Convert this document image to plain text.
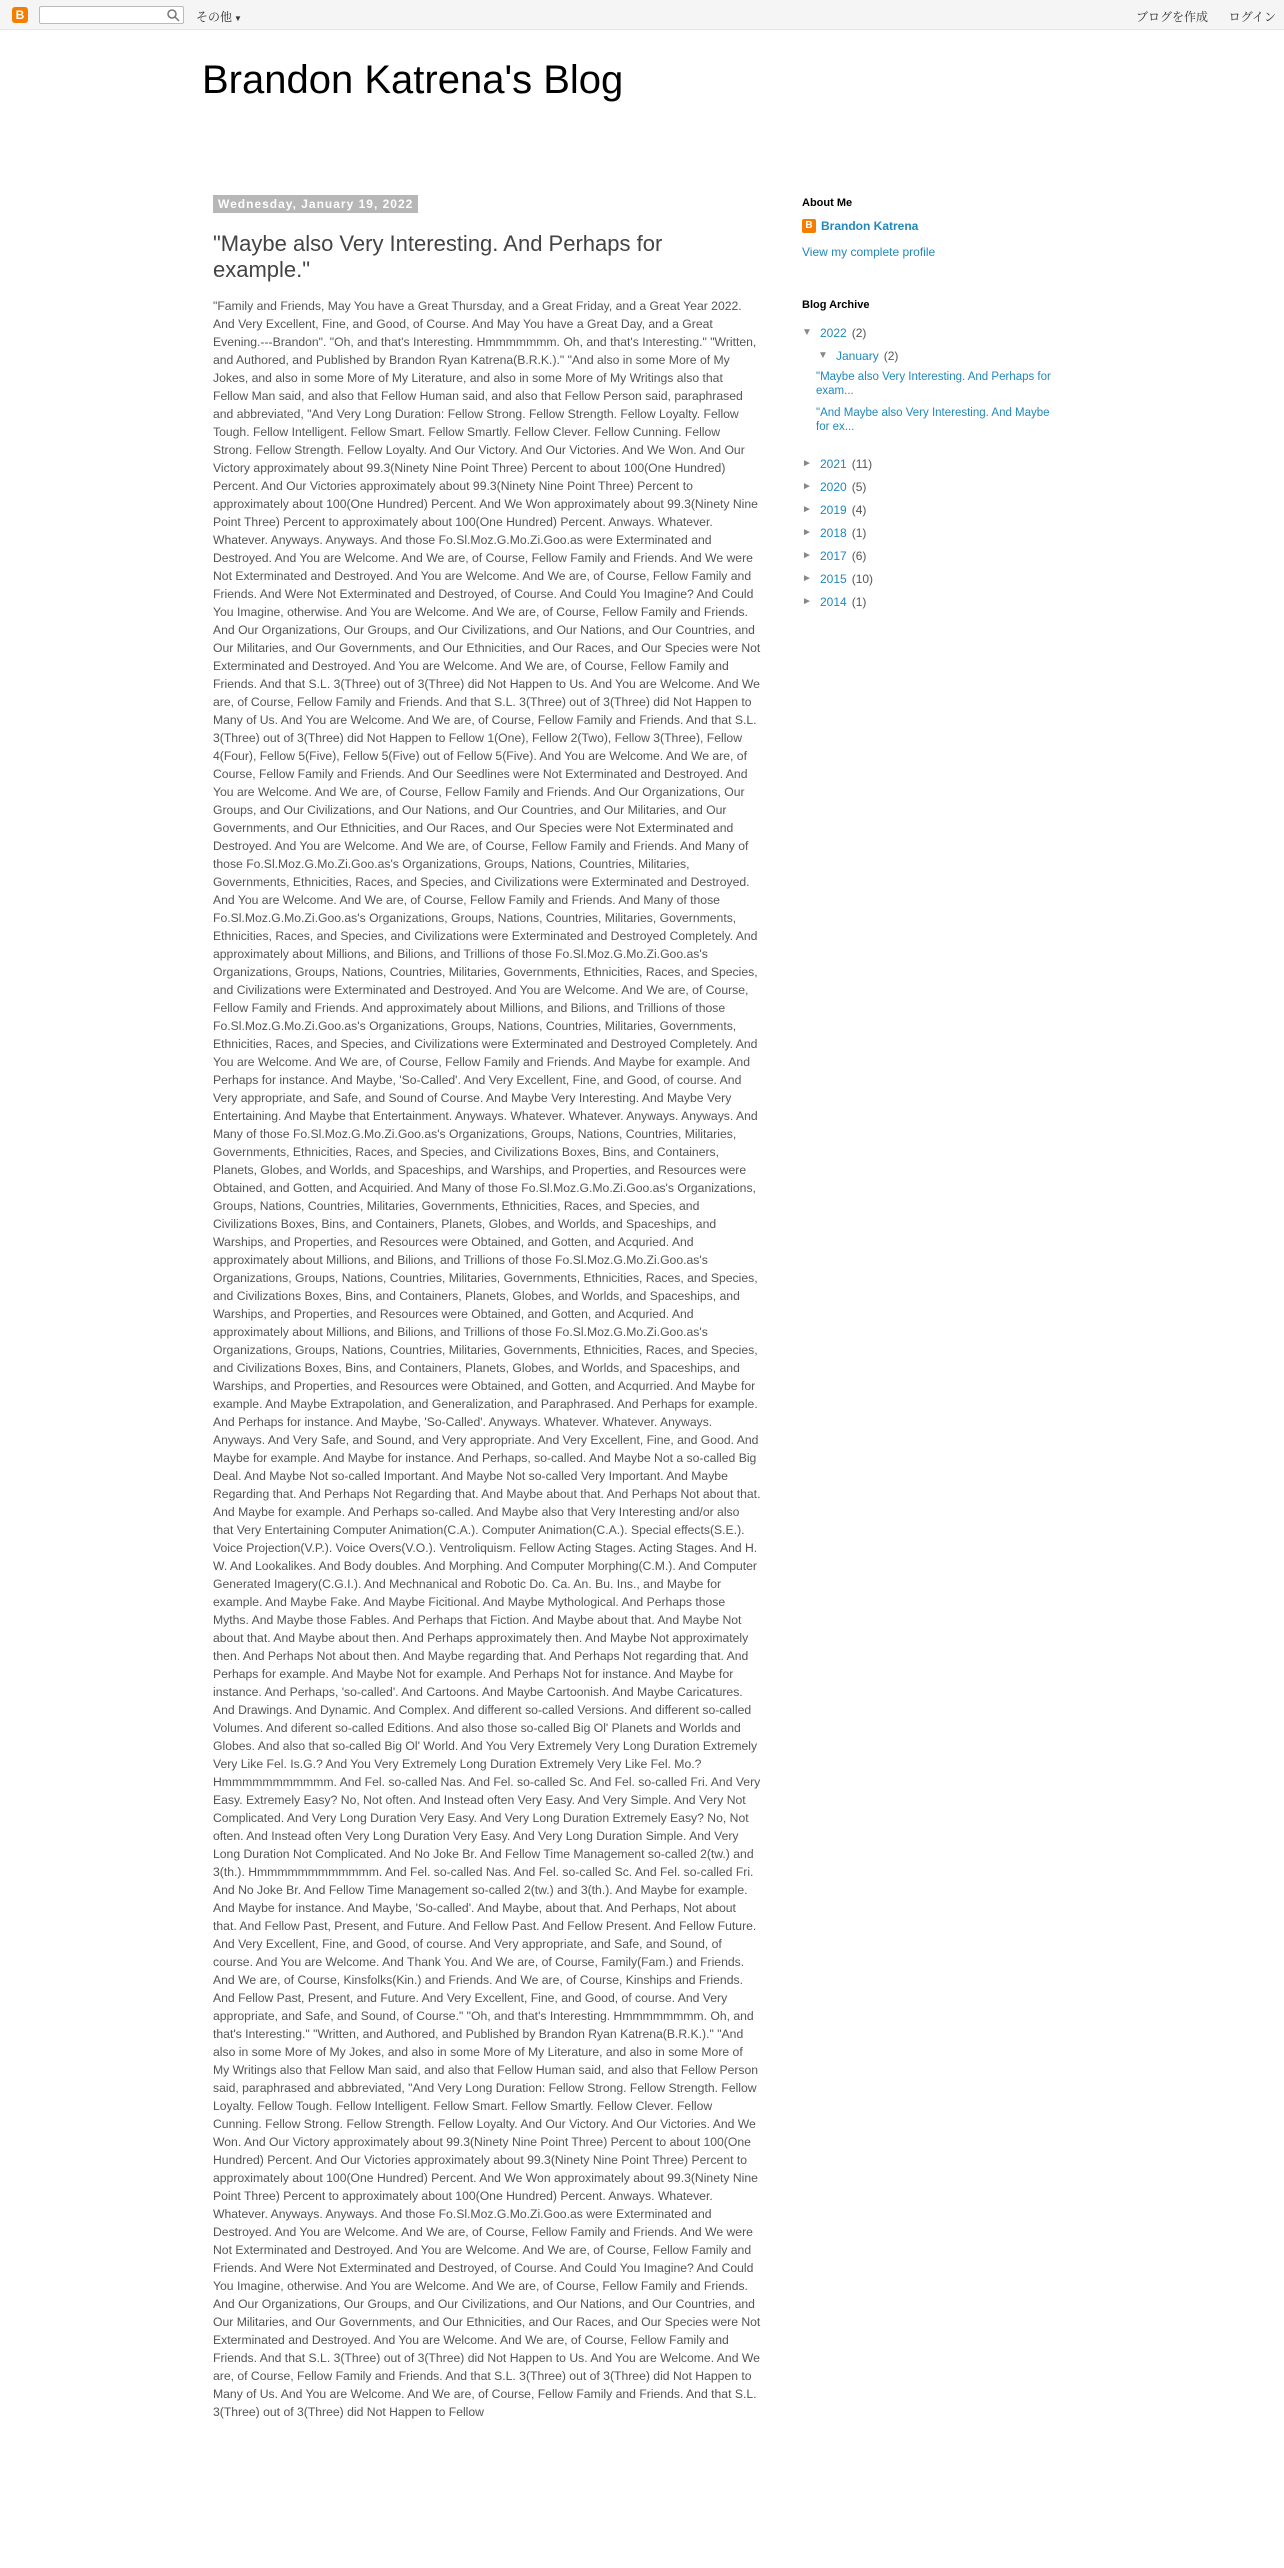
B	その他 ▼	ブログを作成 ログイン
Brandon Katrena's Blog
Wednesday, January 19, 2022
"Maybe also Very Interesting. And Perhaps for example."
"Family and Friends, May You have a Great Thursday, and a Great Friday, and a Great Year 2022. And Very Excellent, Fine, and Good, of Course. And May You have a Great Day, and a Great Evening.---Brandon". "Oh, and that's Interesting. Hmmmmmmm. Oh, and that's Interesting." "Written, and Authored, and Published by Brandon Ryan Katrena(B.R.K.)." "And also in some More of My Jokes, and also in some More of My Literature, and also in some More of My Writings also that Fellow Man said, and also that Fellow Human said, and also that Fellow Person said, paraphrased and abbreviated, "And Very Long Duration: Fellow Strong. Fellow Strength. Fellow Loyalty. Fellow Tough. Fellow Intelligent. Fellow Smart. Fellow Smartly. Fellow Clever. Fellow Cunning. Fellow Strong. Fellow Strength. Fellow Loyalty. And Our Victory. And Our Victories. And We Won. And Our Victory approximately about 99.3(Ninety Nine Point Three) Percent to about 100(One Hundred) Percent. And Our Victories approximately about 99.3(Ninety Nine Point Three) Percent to approximately about 100(One Hundred) Percent. And We Won approximately about 99.3(Ninety Nine Point Three) Percent to approximately about 100(One Hundred) Percent. Anways. Whatever. Whatever. Anyways. Anyways. And those Fo.Sl.Moz.G.Mo.Zi.Goo.as were Exterminated and Destroyed. And You are Welcome. And We are, of Course, Fellow Family and Friends. And We were Not Exterminated and Destroyed. And You are Welcome. And We are, of Course, Fellow Family and Friends. And Were Not Exterminated and Destroyed, of Course. And Could You Imagine? And Could You Imagine, otherwise. And You are Welcome. And We are, of Course, Fellow Family and Friends. And Our Organizations, Our Groups, and Our Civilizations, and Our Nations, and Our Countries, and Our Militaries, and Our Governments, and Our Ethnicities, and Our Races, and Our Species were Not Exterminated and Destroyed. And You are Welcome. And We are, of Course, Fellow Family and Friends. And that S.L. 3(Three) out of 3(Three) did Not Happen to Us. And You are Welcome. And We are, of Course, Fellow Family and Friends. And that S.L. 3(Three) out of 3(Three) did Not Happen to Many of Us. And You are Welcome. And We are, of Course, Fellow Family and Friends. And that S.L. 3(Three) out of 3(Three) did Not Happen to Fellow 1(One), Fellow 2(Two), Fellow 3(Three), Fellow 4(Four), Fellow 5(Five), Fellow 5(Five) out of Fellow 5(Five). And You are Welcome. And We are, of Course, Fellow Family and Friends. And Our Seedlines were Not Exterminated and Destroyed. And You are Welcome. And We are, of Course, Fellow Family and Friends. And Our Organizations, Our Groups, and Our Civilizations, and Our Nations, and Our Countries, and Our Militaries, and Our Governments, and Our Ethnicities, and Our Races, and Our Species were Not Exterminated and Destroyed. And You are Welcome. And We are, of Course, Fellow Family and Friends. And Many of those Fo.Sl.Moz.G.Mo.Zi.Goo.as's Organizations, Groups, Nations, Countries, Militaries, Governments, Ethnicities, Races, and Species, and Civilizations were Exterminated and Destroyed. And You are Welcome. And We are, of Course, Fellow Family and Friends. And Many of those Fo.Sl.Moz.G.Mo.Zi.Goo.as's Organizations, Groups, Nations, Countries, Militaries, Governments, Ethnicities, Races, and Species, and Civilizations were Exterminated and Destroyed Completely. And approximately about Millions, and Bilions, and Trillions of those Fo.Sl.Moz.G.Mo.Zi.Goo.as's Organizations, Groups, Nations, Countries, Militaries, Governments, Ethnicities, Races, and Species, and Civilizations were Exterminated and Destroyed. And You are Welcome. And We are, of Course, Fellow Family and Friends. And approximately about Millions, and Bilions, and Trillions of those Fo.Sl.Moz.G.Mo.Zi.Goo.as's Organizations, Groups, Nations, Countries, Militaries, Governments, Ethnicities, Races, and Species, and Civilizations were Exterminated and Destroyed Completely. And You are Welcome. And We are, of Course, Fellow Family and Friends. And Maybe for example. And Perhaps for instance. And Maybe, 'So-Called'. And Very Excellent, Fine, and Good, of course. And Very appropriate, and Safe, and Sound of Course. And Maybe Very Interesting. And Maybe Very Entertaining. And Maybe that Entertainment. Anyways. Whatever. Whatever. Anyways. Anyways. And Many of those Fo.Sl.Moz.G.Mo.Zi.Goo.as's Organizations, Groups, Nations, Countries, Militaries, Governments, Ethnicities, Races, and Species, and Civilizations Boxes, Bins, and Containers, Planets, Globes, and Worlds, and Spaceships, and Warships, and Properties, and Resources were Obtained, and Gotten, and Acquiried. And Many of those Fo.Sl.Moz.G.Mo.Zi.Goo.as's Organizations, Groups, Nations, Countries, Militaries, Governments, Ethnicities, Races, and Species, and Civilizations Boxes, Bins, and Containers, Planets, Globes, and Worlds, and Spaceships, and Warships, and Properties, and Resources were Obtained, and Gotten, and Acquried. And approximately about Millions, and Bilions, and Trillions of those Fo.Sl.Moz.G.Mo.Zi.Goo.as's Organizations, Groups, Nations, Countries, Militaries, Governments, Ethnicities, Races, and Species, and Civilizations Boxes, Bins, and Containers, Planets, Globes, and Worlds, and Spaceships, and Warships, and Properties, and Resources were Obtained, and Gotten, and Acquried. And approximately about Millions, and Bilions, and Trillions of those Fo.Sl.Moz.G.Mo.Zi.Goo.as's Organizations, Groups, Nations, Countries, Militaries, Governments, Ethnicities, Races, and Species, and Civilizations Boxes, Bins, and Containers, Planets, Globes, and Worlds, and Spaceships, and Warships, and Properties, and Resources were Obtained, and Gotten, and Acqurried. And Maybe for example. And Maybe Extrapolation, and Generalization, and Paraphrased. And Perhaps for example. And Perhaps for instance. And Maybe, 'So-Called'. Anyways. Whatever. Whatever. Anyways. Anyways. And Very Safe, and Sound, and Very appropriate. And Very Excellent, Fine, and Good. And Maybe for example. And Maybe for instance. And Perhaps, so-called. And Maybe Not a so-called Big Deal. And Maybe Not so-called Important. And Maybe Not so-called Very Important. And Maybe Regarding that. And Perhaps Not Regarding that. And Maybe about that. And Perhaps Not about that. And Maybe for example. And Perhaps so-called. And Maybe also that Very Interesting and/or also that Very Entertaining Computer Animation(C.A.). Computer Animation(C.A.). Special effects(S.E.). Voice Projection(V.P.). Voice Overs(V.O.). Ventroliquism. Fellow Acting Stages. Acting Stages. And H. W. And Lookalikes. And Body doubles. And Morphing. And Computer Morphing(C.M.). And Computer Generated Imagery(C.G.I.). And Mechnanical and Robotic Do. Ca. An. Bu. Ins., and Maybe for example. And Maybe Fake. And Maybe Ficitional. And Maybe Mythological. And Perhaps those Myths. And Maybe those Fables. And Perhaps that Fiction. And Maybe about that. And Maybe Not about that. And Maybe about then. And Perhaps approximately then. And Maybe Not approximately then. And Perhaps Not about then. And Maybe regarding that. And Perhaps Not regarding that. And Perhaps for example. And Maybe Not for example. And Perhaps Not for instance. And Maybe for instance. And Perhaps, 'so-called'. And Cartoons. And Maybe Cartoonish. And Maybe Caricatures. And Drawings. And Dynamic. And Complex. And different so-called Versions. And different so-called Volumes. And diferent so-called Editions. And also those so-called Big Ol' Planets and Worlds and Globes. And also that so-called Big Ol' World. And You Very Extremely Very Long Duration Extremely Very Like Fel. Is.G.? And You Very Extremely Long Duration Extremely Very Like Fel. Mo.? Hmmmmmmmmmmm. And Fel. so-called Nas. And Fel. so-called Sc. And Fel. so-called Fri. And Very Easy. Extremely Easy? No, Not often. And Instead often Very Easy. And Very Simple. And Very Not Complicated. And Very Long Duration Very Easy. And Very Long Duration Extremely Easy? No, Not often. And Instead often Very Long Duration Very Easy. And Very Long Duration Simple. And Very Long Duration Not Complicated. And No Joke Br. And Fellow Time Management so-called 2(tw.) and 3(th.). Hmmmmmmmmmmmm. And Fel. so-called Nas. And Fel. so-called Sc. And Fel. so-called Fri. And No Joke Br. And Fellow Time Management so-called 2(tw.) and 3(th.). And Maybe for example. And Maybe for instance. And Maybe, 'So-called'. And Maybe, about that. And Perhaps, Not about that. And Fellow Past, Present, and Future. And Fellow Past. And Fellow Present. And Fellow Future. And Very Excellent, Fine, and Good, of course. And Very appropriate, and Safe, and Sound, of course. And You are Welcome. And Thank You. And We are, of Course, Family(Fam.) and Friends. And We are, of Course, Kinsfolks(Kin.) and Friends. And We are, of Course, Kinships and Friends. And Fellow Past, Present, and Future. And Very Excellent, Fine, and Good, of course. And Very appropriate, and Safe, and Sound, of Course." "Oh, and that's Interesting. Hmmmmmmmm. Oh, and that's Interesting." "Written, and Authored, and Published by Brandon Ryan Katrena(B.R.K.)." "And also in some More of My Jokes, and also in some More of My Literature, and also in some More of My Writings also that Fellow Man said, and also that Fellow Human said, and also that Fellow Person said, paraphrased and abbreviated, "And Very Long Duration: Fellow Strong. Fellow Strength. Fellow Loyalty. Fellow Tough. Fellow Intelligent. Fellow Smart. Fellow Smartly. Fellow Clever. Fellow Cunning. Fellow Strong. Fellow Strength. Fellow Loyalty. And Our Victory. And Our Victories. And We Won. And Our Victory approximately about 99.3(Ninety Nine Point Three) Percent to about 100(One Hundred) Percent. And Our Victories approximately about 99.3(Ninety Nine Point Three) Percent to approximately about 100(One Hundred) Percent. And We Won approximately about 99.3(Ninety Nine Point Three) Percent to approximately about 100(One Hundred) Percent. Anways. Whatever. Whatever. Anyways. Anyways. And those Fo.Sl.Moz.G.Mo.Zi.Goo.as were Exterminated and Destroyed. And You are Welcome. And We are, of Course, Fellow Family and Friends. And We were Not Exterminated and Destroyed. And You are Welcome. And We are, of Course, Fellow Family and Friends. And Were Not Exterminated and Destroyed, of Course. And Could You Imagine? And Could You Imagine, otherwise. And You are Welcome. And We are, of Course, Fellow Family and Friends. And Our Organizations, Our Groups, and Our Civilizations, and Our Nations, and Our Countries, and Our Militaries, and Our Governments, and Our Ethnicities, and Our Races, and Our Species were Not Exterminated and Destroyed. And You are Welcome. And We are, of Course, Fellow Family and Friends. And that S.L. 3(Three) out of 3(Three) did Not Happen to Us. And You are Welcome. And We are, of Course, Fellow Family and Friends. And that S.L. 3(Three) out of 3(Three) did Not Happen to Many of Us. And You are Welcome. And We are, of Course, Fellow Family and Friends. And that S.L. 3(Three) out of 3(Three) did Not Happen to Fellow
About Me
B Brandon Katrena
View my complete profile
Blog Archive
▼ 2022 (2)
▼ January (2)
"Maybe also Very Interesting. And Perhaps for exam...
"And Maybe also Very Interesting. And Maybe for ex...
► 2021 (11)
► 2020 (5)
► 2019 (4)
► 2018 (1)
► 2017 (6)
► 2015 (10)
► 2014 (1)
